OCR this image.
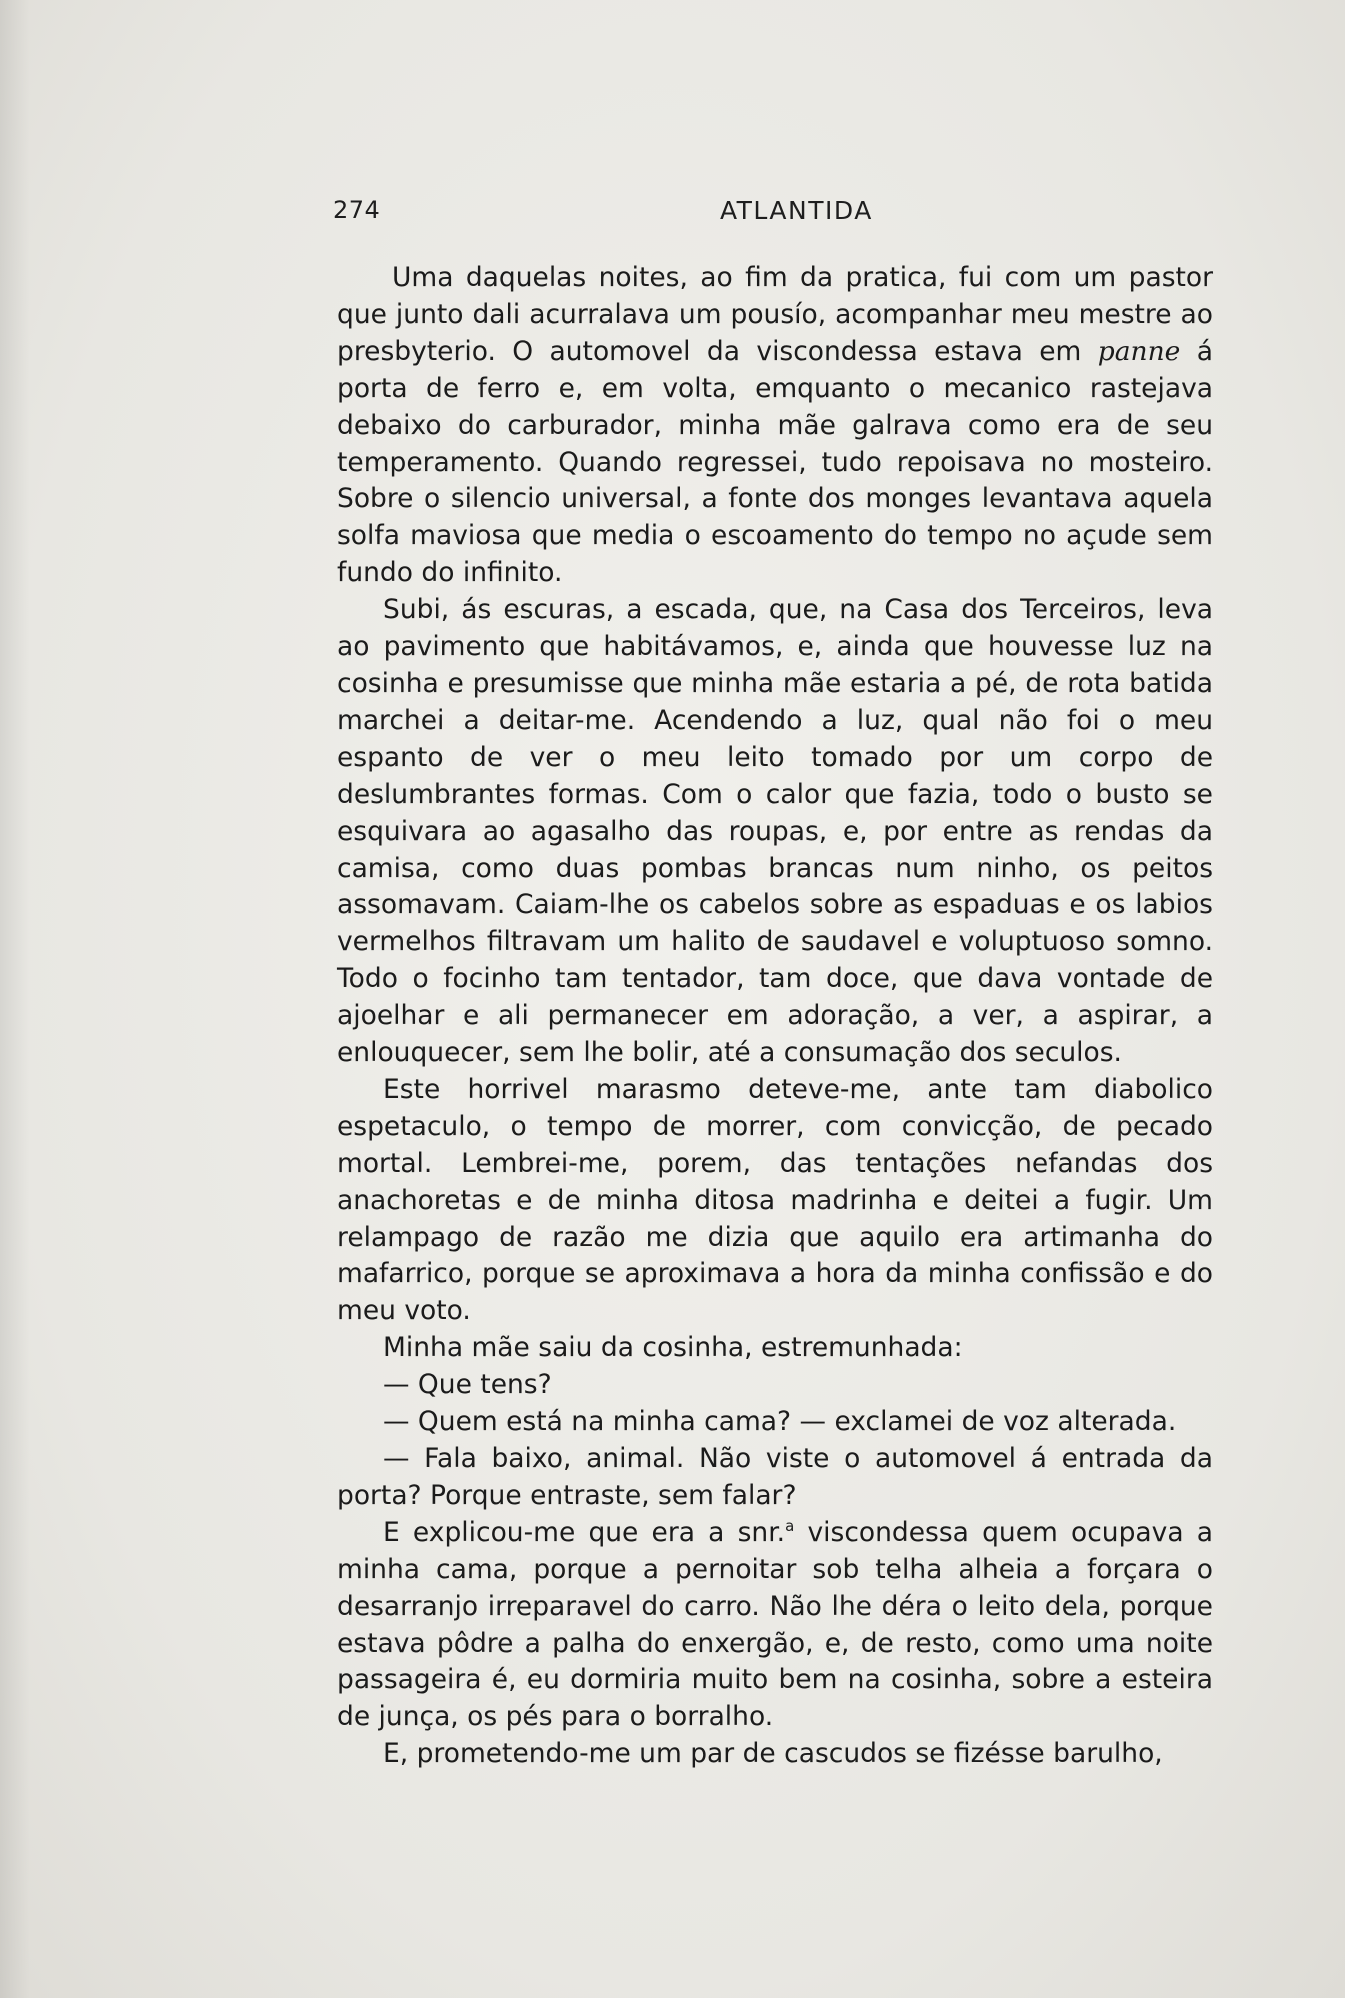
274	ATLANTIDA

Uma daquelas noites, ao fim da pratica, fui com um pastor que junto dali acurralava um pousío, acompanhar meu mestre ao presbyterio. O automovel da viscondessa estava em panne á porta de ferro e, em volta, emquanto o mecanico rastejava debaixo do carburador, minha mãe galrava como era de seu temperamento. Quando regressei, tudo repoisava no mosteiro. Sobre o silencio universal, a fonte dos monges levantava aquela solfa maviosa que media o escoamento do tempo no açude sem fundo do infinito.

Subi, ás escuras, a escada, que, na Casa dos Terceiros, leva ao pavimento que habitávamos, e, ainda que houvesse luz na cosinha e presumisse que minha mãe estaria a pé, de rota batida marchei a deitar-me. Acendendo a luz, qual não foi o meu espanto de ver o meu leito tomado por um corpo de deslumbrantes formas. Com o calor que fazia, todo o busto se esquivara ao agasalho das roupas, e, por entre as rendas da camisa, como duas pombas brancas num ninho, os peitos assomavam. Caiam-lhe os cabelos sobre as espaduas e os labios vermelhos filtravam um halito de saudavel e voluptuoso somno. Todo o focinho tam tentador, tam doce, que dava vontade de ajoelhar e ali permanecer em adoração, a ver, a aspirar, a enlouquecer, sem lhe bolir, até a consumação dos seculos.

Este horrivel marasmo deteve-me, ante tam diabolico espetaculo, o tempo de morrer, com convicção, de pecado mortal. Lembrei-me, porem, das tentações nefandas dos anachoretas e de minha ditosa madrinha e deitei a fugir. Um relampago de razão me dizia que aquilo era artimanha do mafarrico, porque se aproximava a hora da minha confissão e do meu voto.

Minha mãe saiu da cosinha, estremunhada:

— Que tens?

— Quem está na minha cama? — exclamei de voz alterada.

— Fala baixo, animal. Não viste o automovel á entrada da porta? Porque entraste, sem falar?

E explicou-me que era a snr.$^a$ viscondessa quem ocupava a minha cama, porque a pernoitar sob telha alheia a forçara o desarranjo irreparavel do carro. Não lhe déra o leito dela, porque estava pôdre a palha do enxergão, e, de resto, como uma noite passageira é, eu dormiria muito bem na cosinha, sobre a esteira de junça, os pés para o borralho.

E, prometendo-me um par de cascudos se fizésse barulho,
